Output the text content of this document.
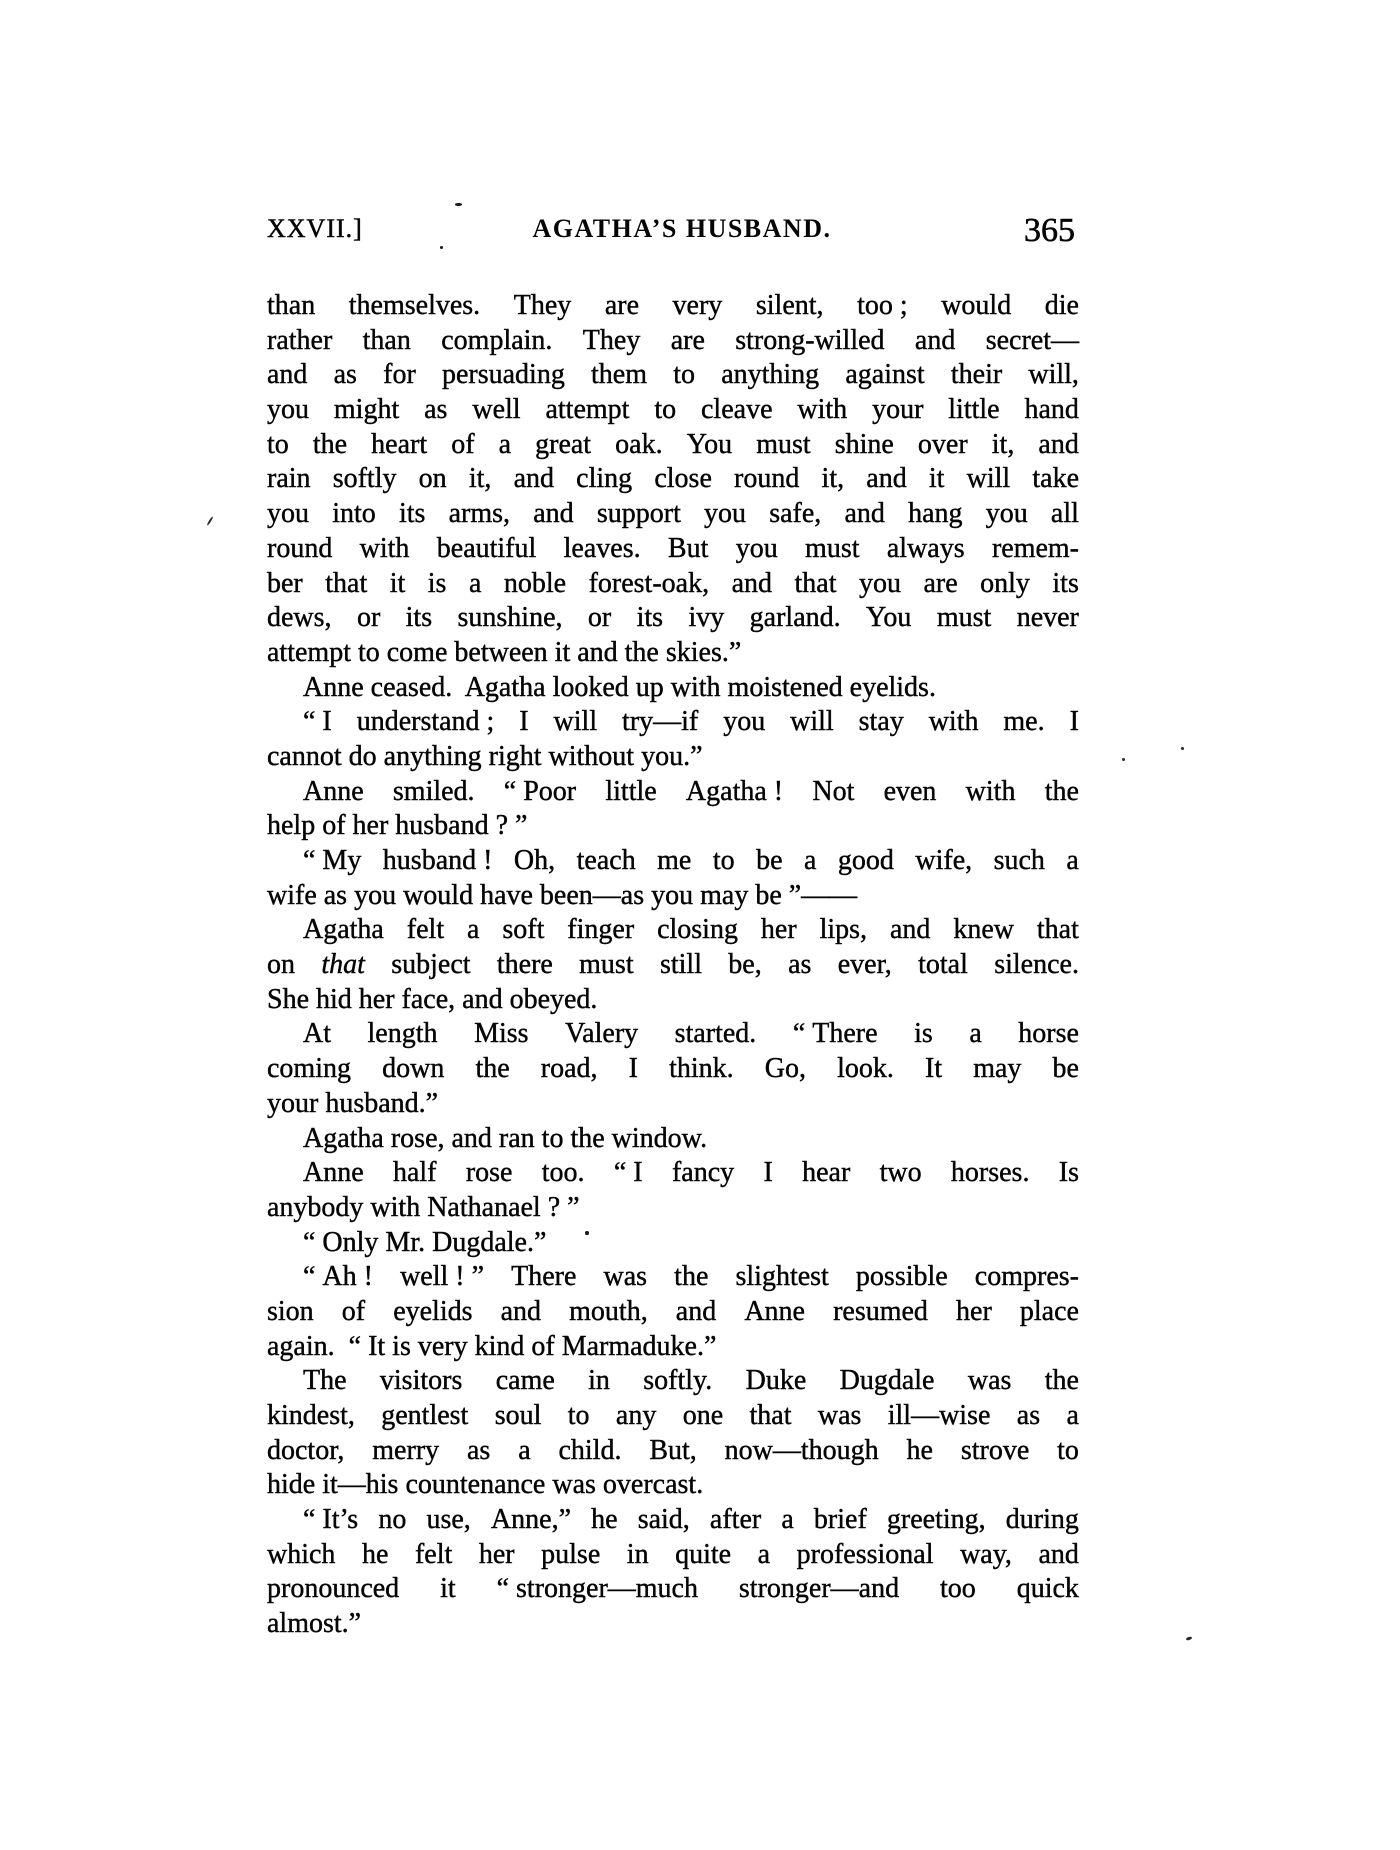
XXVII.]	AGATHA’S HUSBAND.	365
than themselves. They are very silent, too ; would die
rather than complain. They are strong-willed and secret—
and as for persuading them to anything against their will,
you might as well attempt to cleave with your little hand
to the heart of a great oak. You must shine over it, and
rain softly on it, and cling close round it, and it will take
you into its arms, and support you safe, and hang you all
round with beautiful leaves. But you must always remem-
ber that it is a noble forest-oak, and that you are only its
dews, or its sunshine, or its ivy garland. You must never
attempt to come between it and the skies.”
Anne ceased.  Agatha looked up with moistened eyelids.
“ I understand ; I will try—if you will stay with me. I
cannot do anything right without you.”
Anne smiled. “ Poor little Agatha ! Not even with the
help of her husband ? ”
“ My husband ! Oh, teach me to be a good wife, such a
wife as you would have been—as you may be ”——
Agatha felt a soft finger closing her lips, and knew that
on that subject there must still be, as ever, total silence.
She hid her face, and obeyed.
At length Miss Valery started. “ There is a horse
coming down the road, I think. Go, look. It may be
your husband.”
Agatha rose, and ran to the window.
Anne half rose too. “ I fancy I hear two horses. Is
anybody with Nathanael ? ”
“ Only Mr. Dugdale.”
“ Ah ! well ! ” There was the slightest possible compres-
sion of eyelids and mouth, and Anne resumed her place
again.  “ It is very kind of Marmaduke.”
The visitors came in softly. Duke Dugdale was the
kindest, gentlest soul to any one that was ill—wise as a
doctor, merry as a child. But, now—though he strove to
hide it—his countenance was overcast.
“ It’s no use, Anne,” he said, after a brief greeting, during
which he felt her pulse in quite a professional way, and
pronounced it “ stronger—much stronger—and too quick
almost.”
